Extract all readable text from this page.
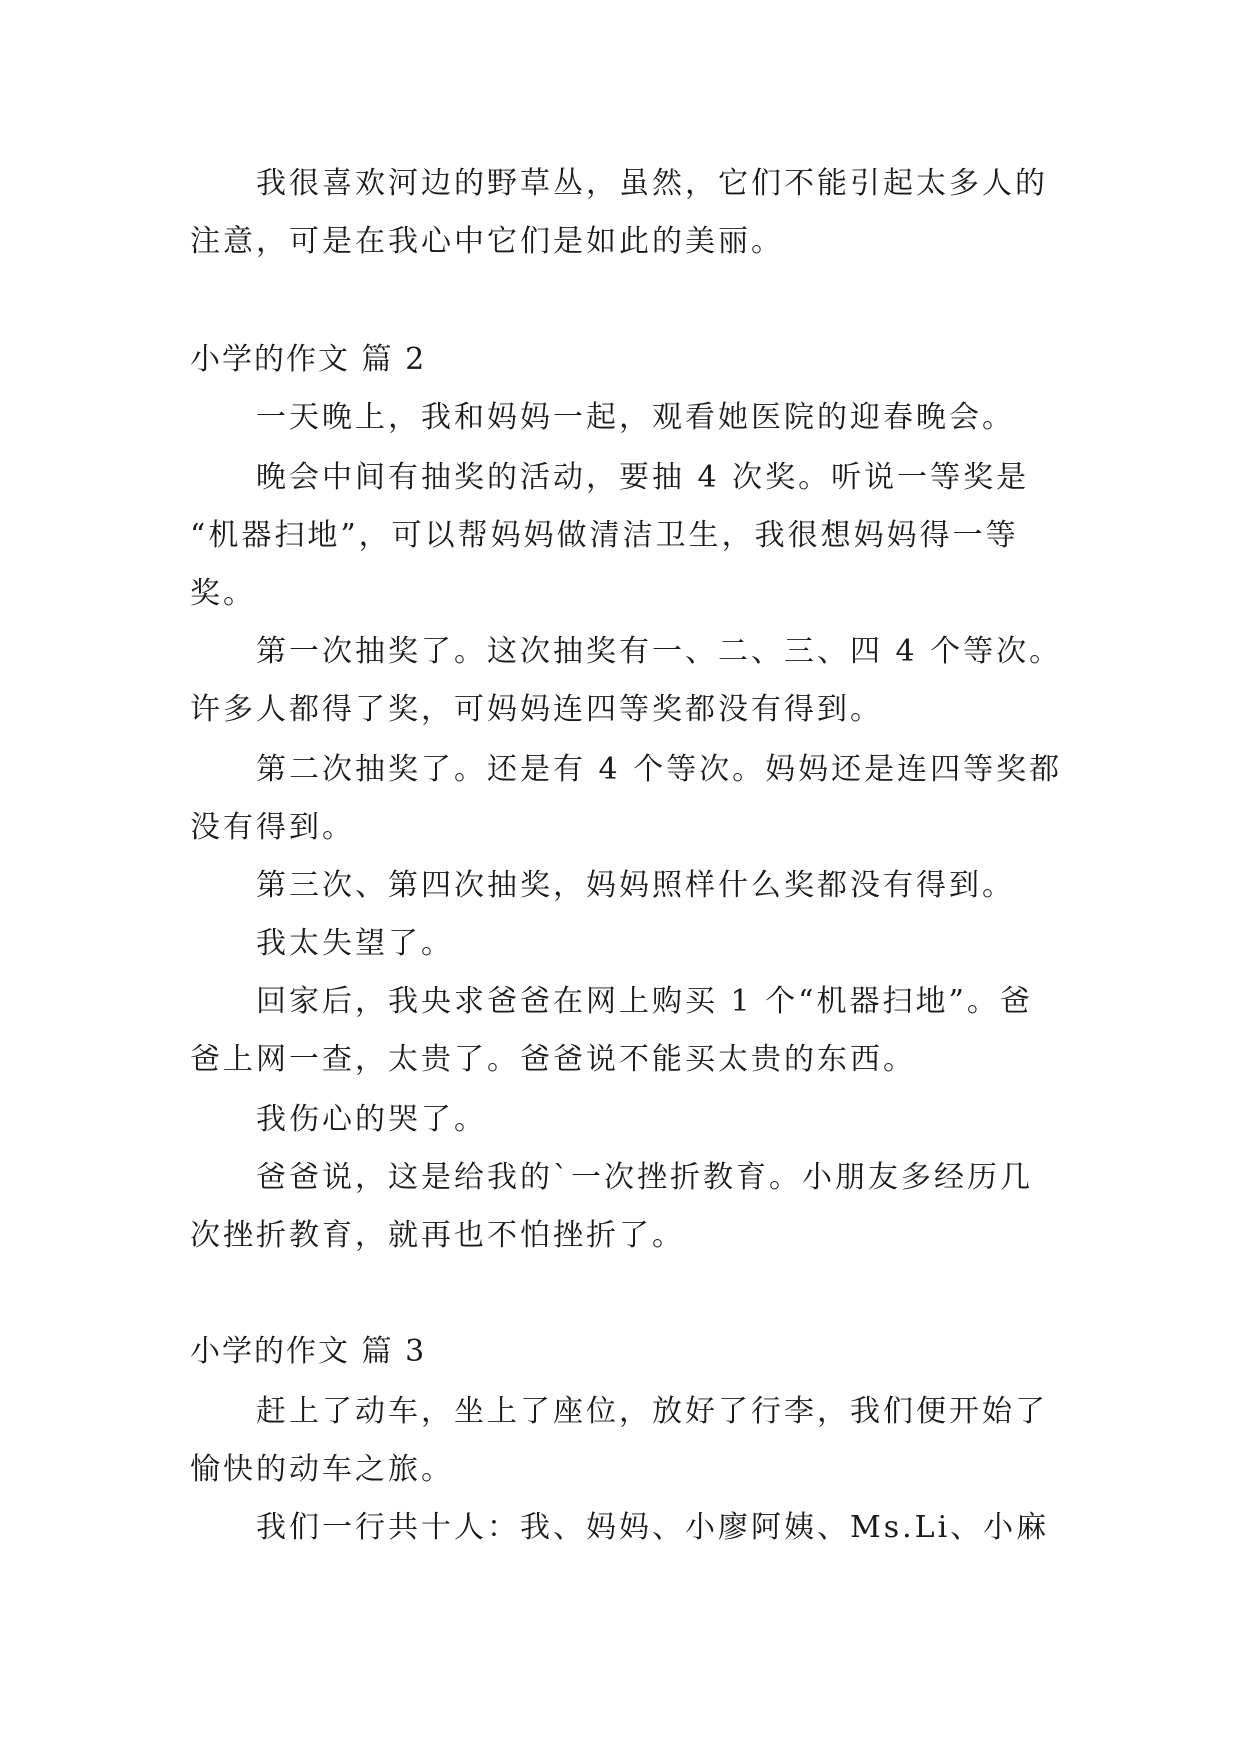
我很喜欢河边的野草丛，虽然，它们不能引起太多人的

注意，可是在我心中它们是如此的美丽。

小学的作文 篇 2

一天晚上，我和妈妈一起，观看她医院的迎春晚会。

晚会中间有抽奖的活动，要抽 4 次奖。听说一等奖是

“机器扫地”，可以帮妈妈做清洁卫生，我很想妈妈得一等

奖。

第一次抽奖了。这次抽奖有一、二、三、四 4 个等次。

许多人都得了奖，可妈妈连四等奖都没有得到。

第二次抽奖了。还是有 4 个等次。妈妈还是连四等奖都

没有得到。

第三次、第四次抽奖，妈妈照样什么奖都没有得到。

我太失望了。

回家后，我央求爸爸在网上购买 1 个“机器扫地”。爸

爸上网一查，太贵了。爸爸说不能买太贵的东西。

我伤心的哭了。

爸爸说，这是给我的`一次挫折教育。小朋友多经历几

次挫折教育，就再也不怕挫折了。

小学的作文 篇 3

赶上了动车，坐上了座位，放好了行李，我们便开始了

愉快的动车之旅。

我们一行共十人：我、妈妈、小廖阿姨、Ms.Li、小麻
